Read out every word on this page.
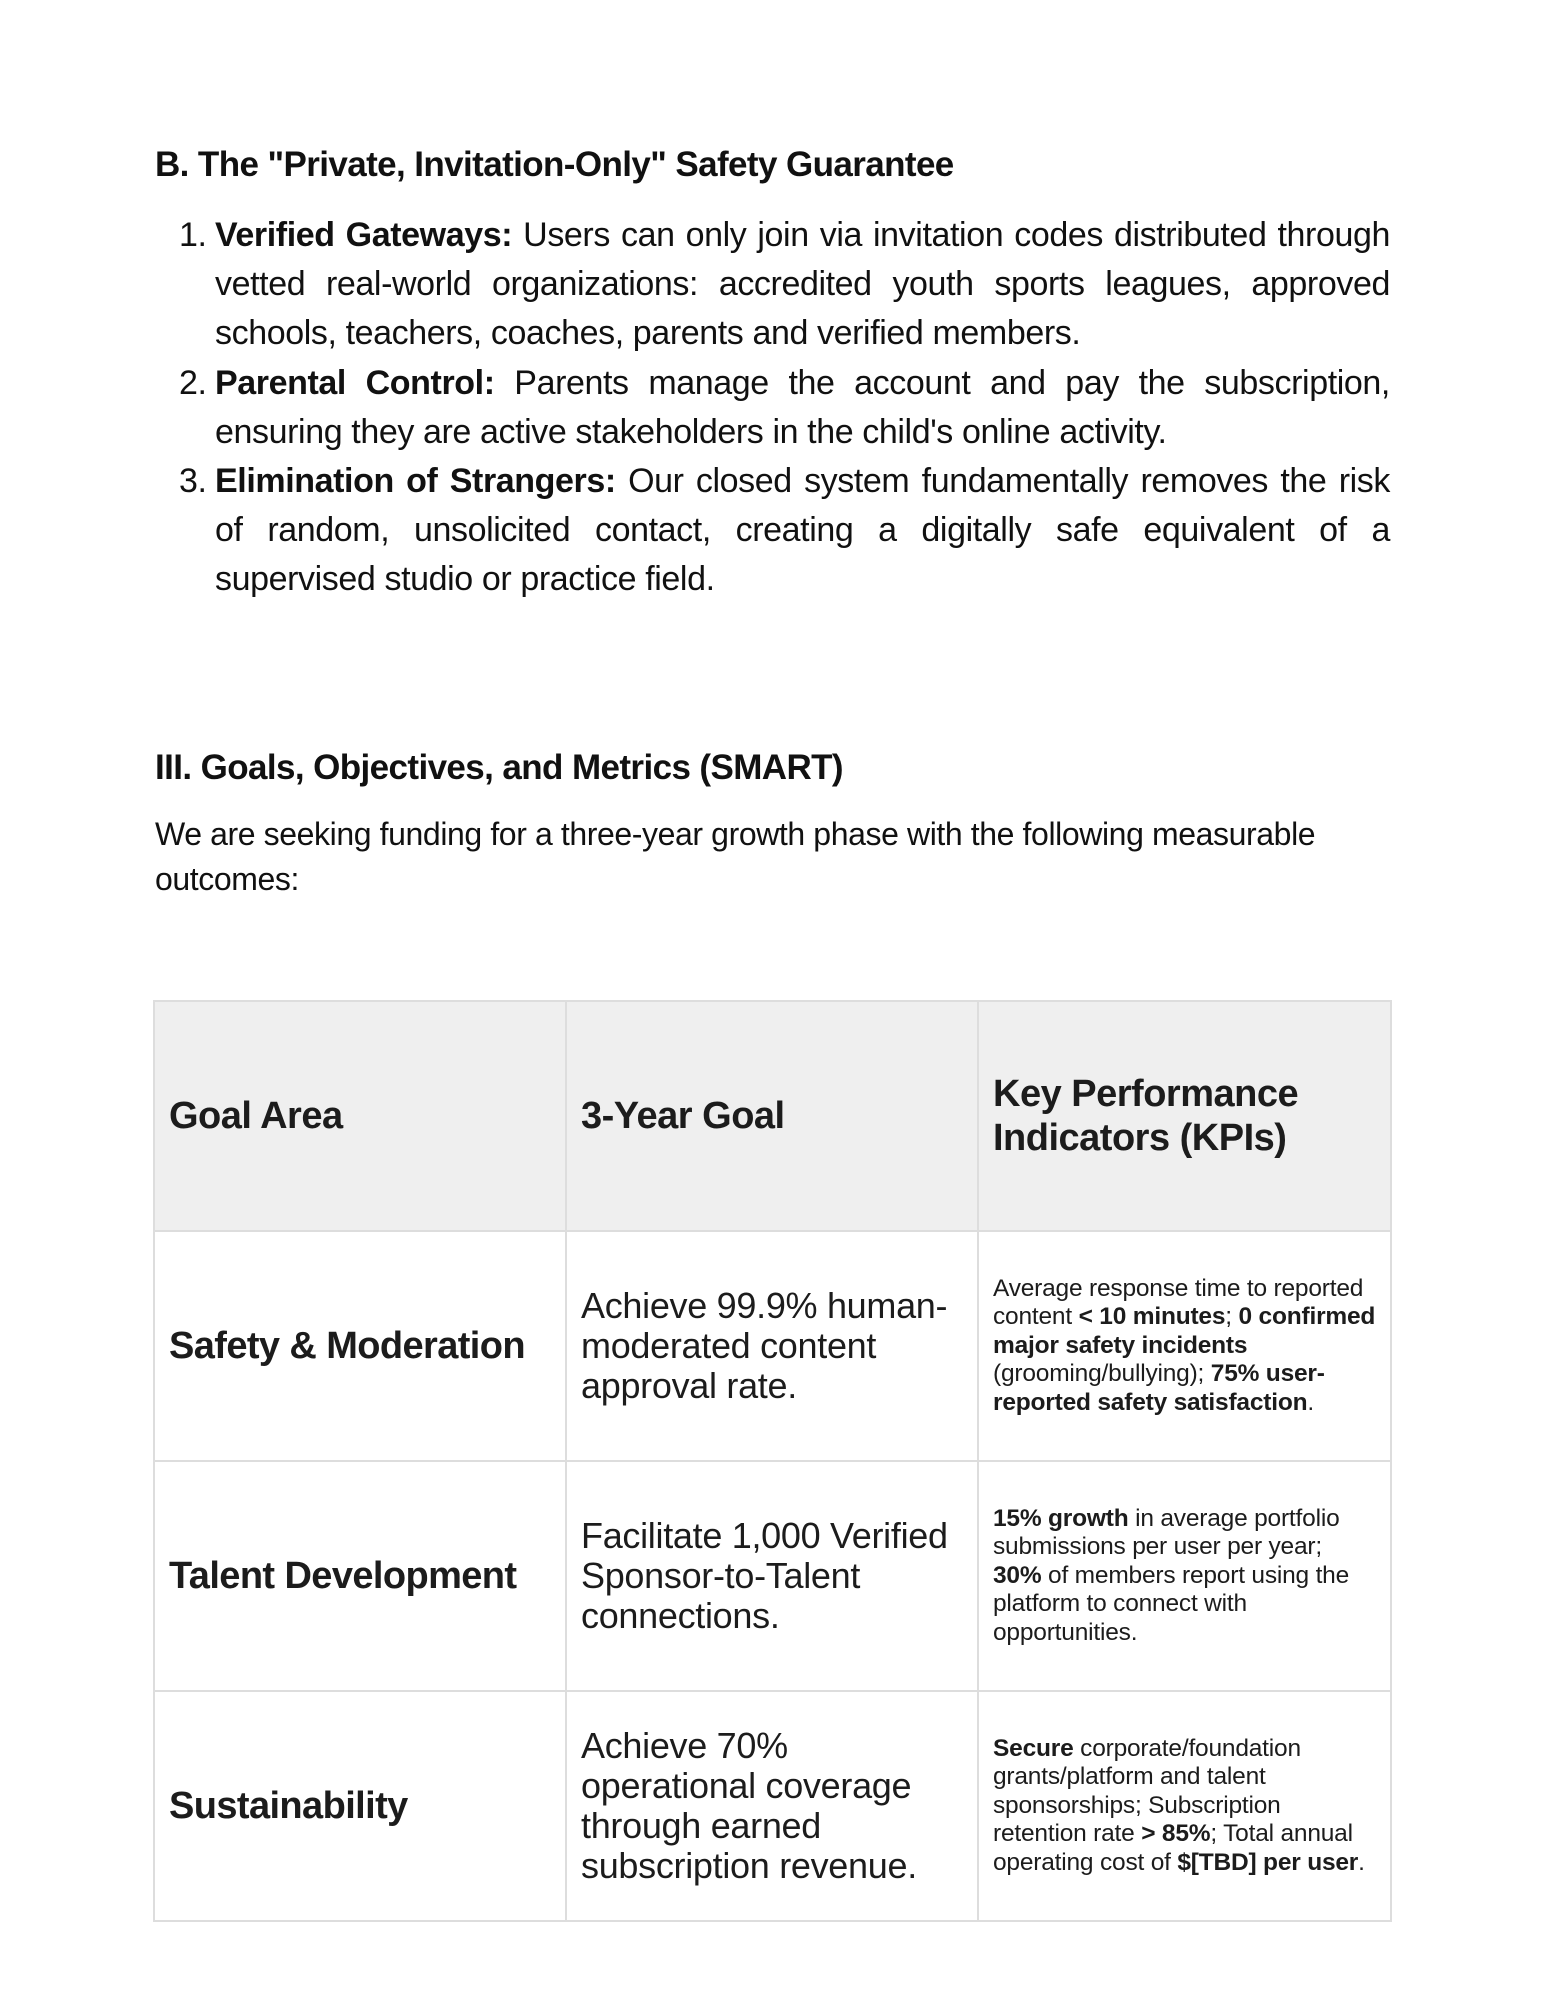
B. The "Private, Invitation-Only" Safety Guarantee
1. Verified Gateways: Users can only join via invitation codes distributed through vetted real-world organizations: accredited youth sports leagues, approved schools, teachers, coaches, parents and verified members.
2. Parental Control: Parents manage the account and pay the subscription, ensuring they are active stakeholders in the child's online activity.
3. Elimination of Strangers: Our closed system fundamentally removes the risk of random, unsolicited contact, creating a digitally safe equivalent of a supervised studio or practice field.
III. Goals, Objectives, and Metrics (SMART)

We are seeking funding for a three-year growth phase with the following measurable outcomes:

Goal Area	3-Year Goal	Key Performance Indicators (KPIs)
Safety & Moderation	Achieve 99.9% human-moderated content approval rate.	Average response time to reported content < 10 minutes; 0 confirmed major safety incidents (grooming/bullying); 75% user-reported safety satisfaction.
Talent Development	Facilitate 1,000 Verified Sponsor-to-Talent connections.	15% growth in average portfolio submissions per user per year; 30% of members report using the platform to connect with opportunities.
Sustainability	Achieve 70% operational coverage through earned subscription revenue.	Secure corporate/foundation grants/platform and talent sponsorships; Subscription retention rate > 85%; Total annual operating cost of $[TBD] per user.
